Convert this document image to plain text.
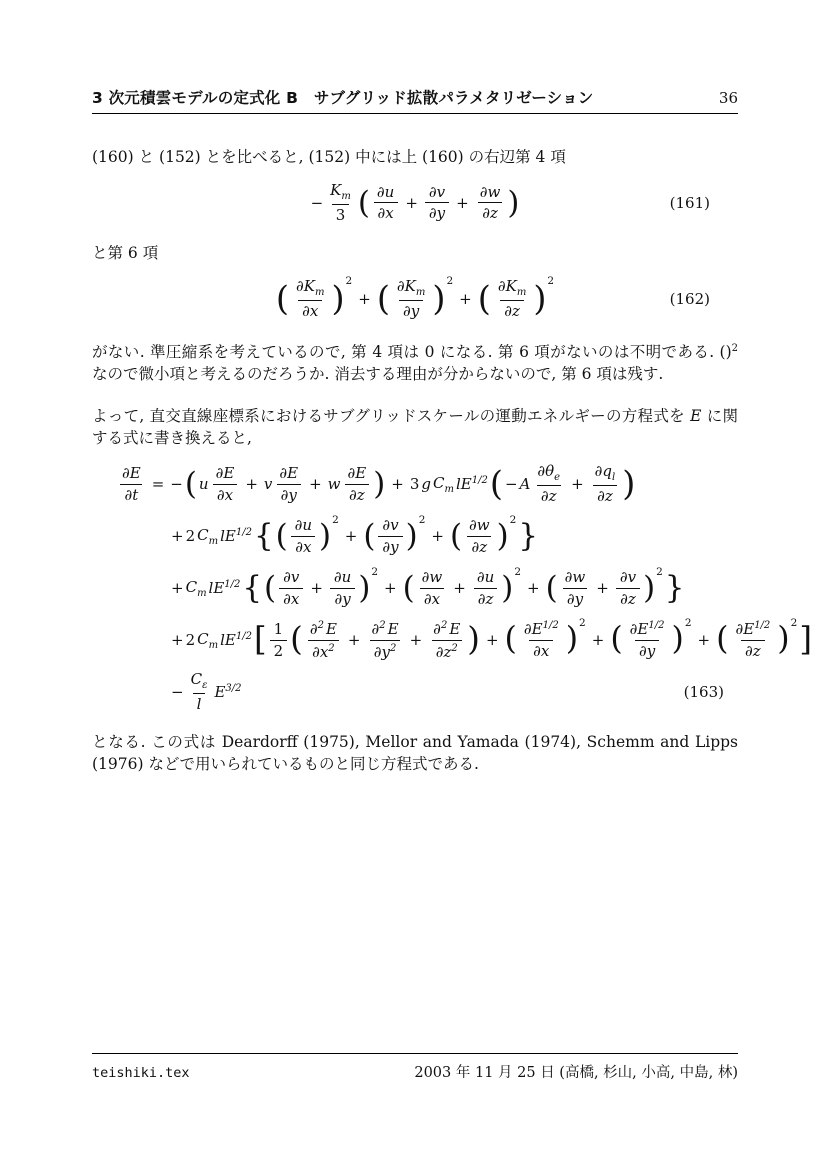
3 次元積雲モデルの定式化 B　サブグリッド拡散パラメタリゼーション	36

(160) と (152) とを比べると, (152) 中には上 (160) の右辺第 4 項

− $\frac{K_m}{3}$ ( $\frac{\partial u}{\partial x} + \frac{\partial v}{\partial y} + \frac{\partial w}{\partial z}$ )	(161)

と第 6 項

( $\frac{\partial K_m}{\partial x}$ ) 2
+ ( $\frac{\partial K_m}{\partial y}$ ) 2
+ ( $\frac{\partial K_m}{\partial z}$ ) 2
(162)

がない. 準圧縮系を考えているので, 第 4 項は 0 になる. 第 6 項がないのは不明である. ()$^2$ なので微小項と考えるのだろうか. 消去する理由が分からないので, 第 6 項は残す.

よって, 直交直線座標系におけるサブグリッドスケールの運動エネルギーの方程式を E に関する式に書き換えると,

$\frac{\partial E}{\partial t}$ = − ( u $\frac{\partial E}{\partial x} + v \frac{\partial E}{\partial y} + w \frac{\partial E}{\partial z}$ ) + 3 g $C_m$ $lE^{1/2}$ ( − A $\frac{\partial\theta_e}{\partial z} + \frac{\partial q_l}{\partial z}$ )
+ 2 $C_m$ $lE^{1/2}$ { ( $\frac{\partial u}{\partial x}$ ) 2
+ ( $\frac{\partial v}{\partial y}$ ) 2
+ ( $\frac{\partial w}{\partial z}$ ) 2 }
+ $C_m$ $lE^{1/2}$ { ( $\frac{\partial v}{\partial x} + \frac{\partial u}{\partial y}$ ) 2
+ ( $\frac{\partial w}{\partial x} + \frac{\partial u}{\partial z}$ ) 2
+ ( $\frac{\partial w}{\partial y} + \frac{\partial v}{\partial z}$ ) 2 }
+ 2 $C_m$ $lE^{1/2}$ [ $\frac{1}{2}$ ( $\frac{\partial^2 E}{\partial x^2} + \frac{\partial^2 E}{\partial y^2} + \frac{\partial^2 E}{\partial z^2}$ ) + ( $\frac{\partial E^{1/2}}{\partial x}$ ) 2
+ ( $\frac{\partial E^{1/2}}{\partial y}$ ) 2
+ ( $\frac{\partial E^{1/2}}{\partial z}$ ) 2 ]
− $\frac{C_\varepsilon}{l} E^{3/2}$	(163)

となる. この式は Deardorff (1975), Mellor and Yamada (1974), Schemm and Lipps (1976) などで用いられているものと同じ方程式である.

teishiki.tex	2003 年 11 月 25 日 (高橋, 杉山, 小高, 中島, 林)
